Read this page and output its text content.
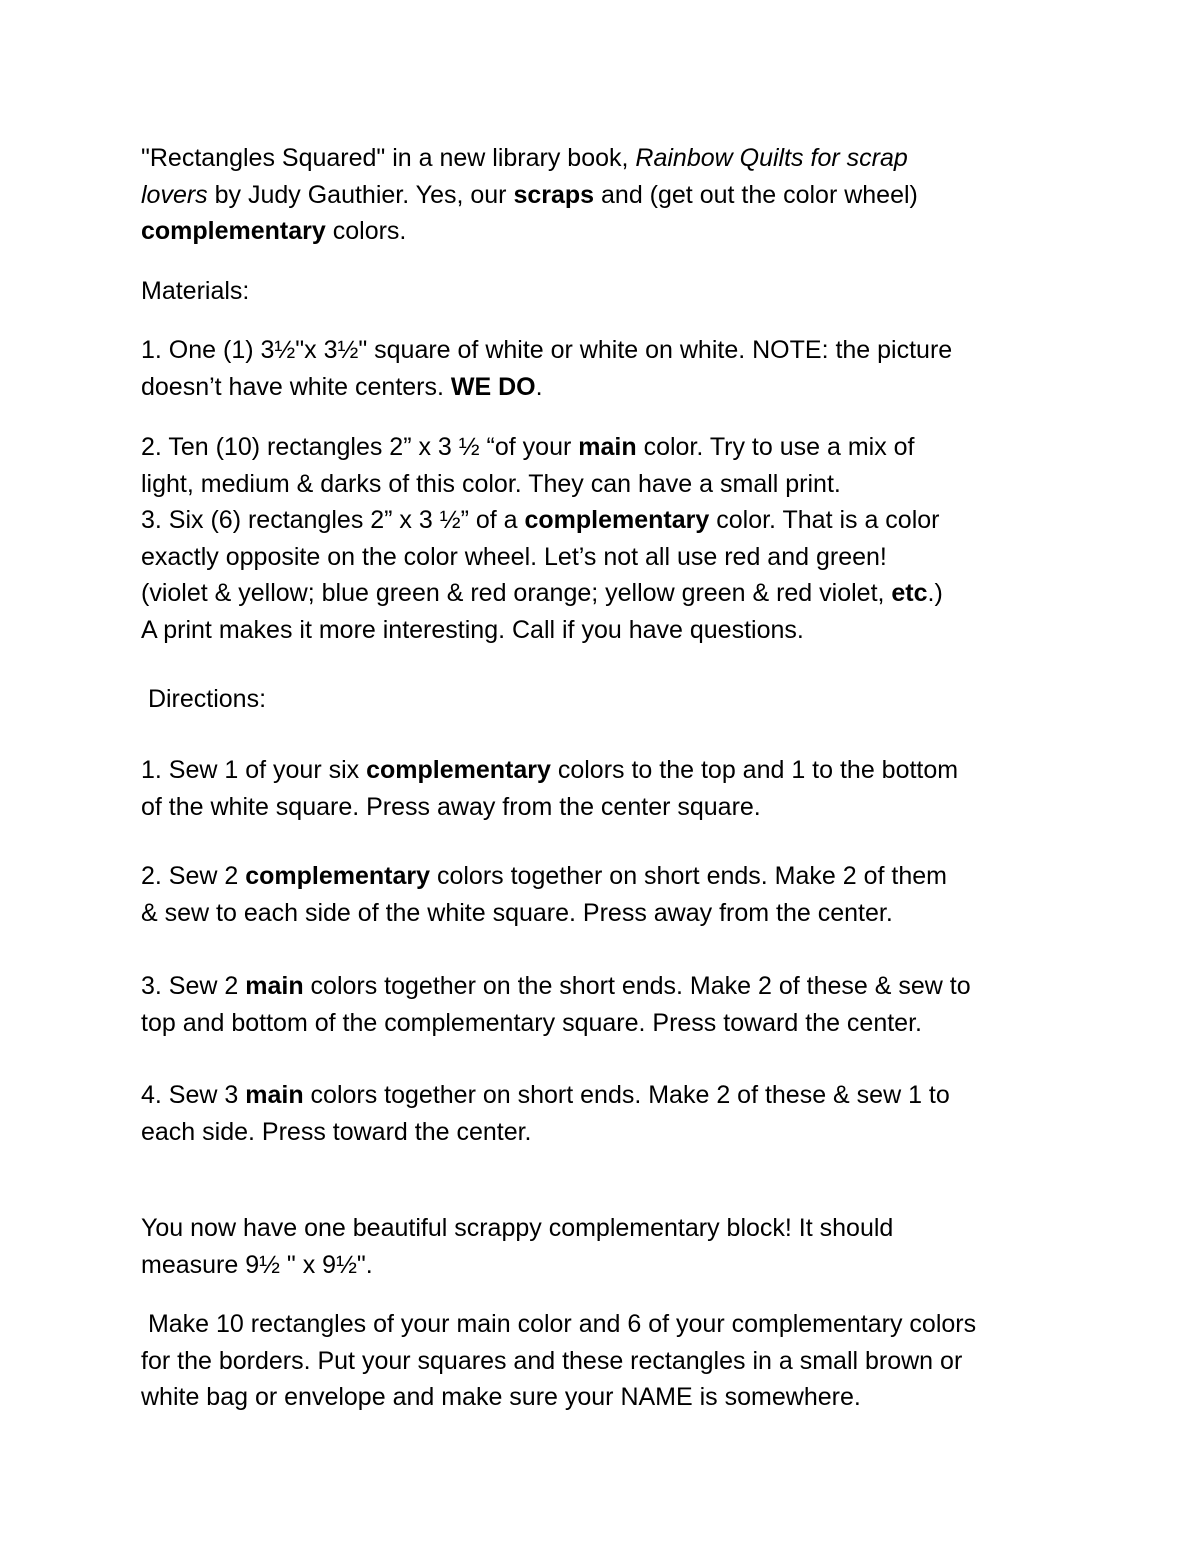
"Rectangles Squared" in a new library book, Rainbow Quilts for scrap
lovers by Judy Gauthier. Yes, our scraps and (get out the color wheel)
complementary colors.

Materials:

1. One (1) 3½"x 3½" square of white or white on white. NOTE: the picture
doesn’t have white centers. WE DO.

2. Ten (10) rectangles 2” x 3 ½ “of your main color. Try to use a mix of
light, medium & darks of this color. They can have a small print.
3. Six (6) rectangles 2” x 3 ½” of a complementary color. That is a color
exactly opposite on the color wheel. Let’s not all use red and green!
(violet & yellow; blue green & red orange; yellow green & red violet, etc.)
A print makes it more interesting. Call if you have questions.

Directions:

1. Sew 1 of your six complementary colors to the top and 1 to the bottom
of the white square. Press away from the center square.

2. Sew 2 complementary colors together on short ends. Make 2 of them
& sew to each side of the white square. Press away from the center.

3. Sew 2 main colors together on the short ends. Make 2 of these & sew to
top and bottom of the complementary square. Press toward the center.

4. Sew 3 main colors together on short ends. Make 2 of these & sew 1 to
each side. Press toward the center.

You now have one beautiful scrappy complementary block! It should
measure 9½ " x 9½".

Make 10 rectangles of your main color and 6 of your complementary colors
for the borders. Put your squares and these rectangles in a small brown or
white bag or envelope and make sure your NAME is somewhere.
